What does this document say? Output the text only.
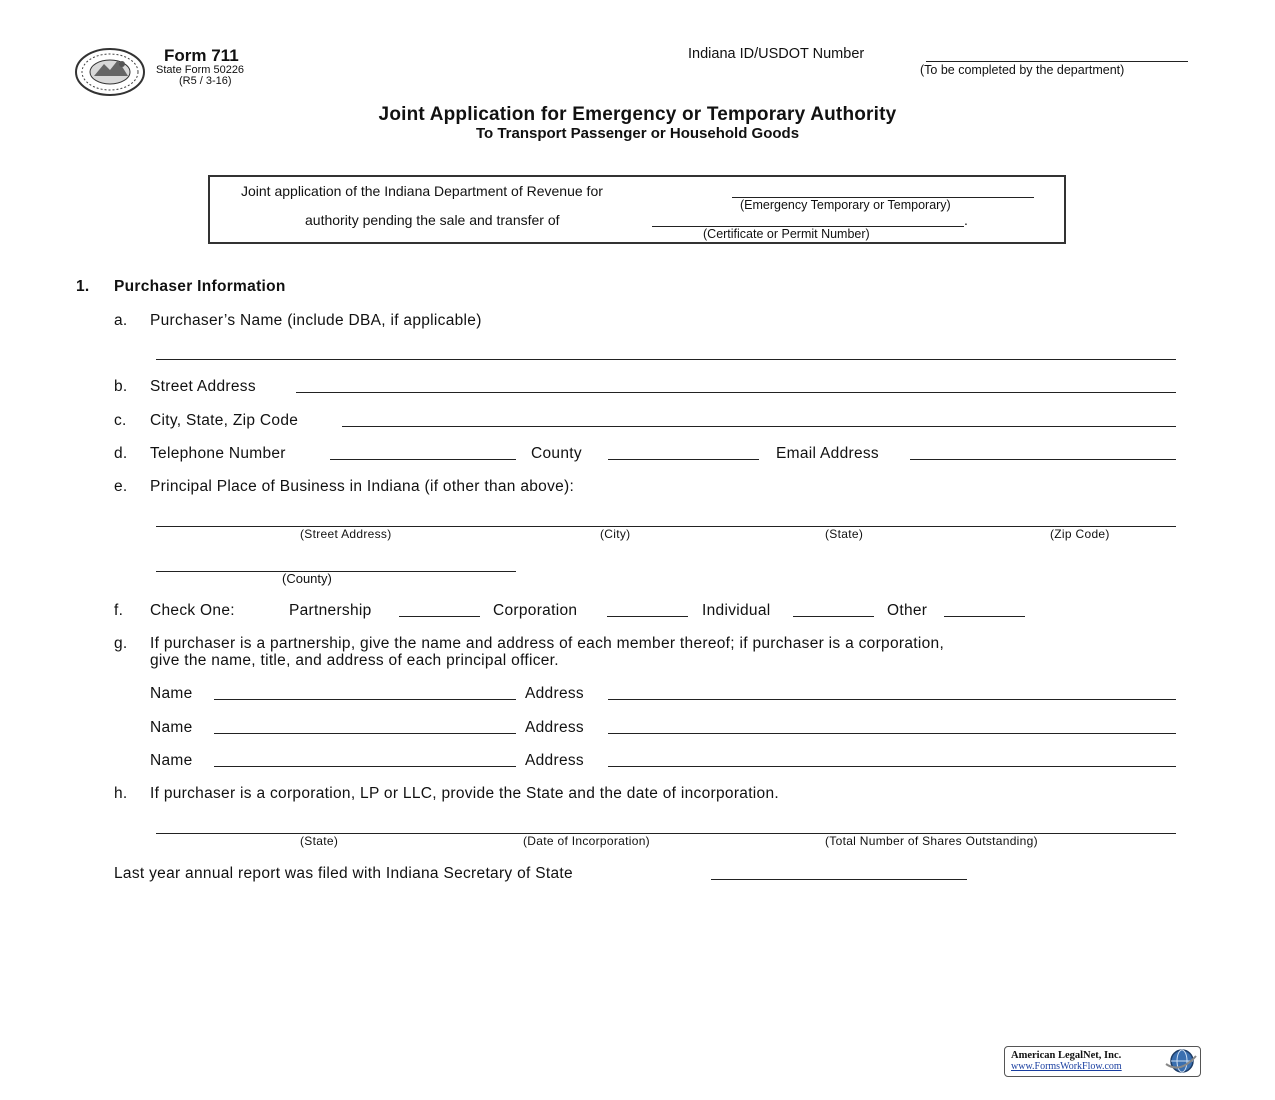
Form 711
State Form 50226
(R5 / 3-16)
Indiana ID/USDOT Number
(To be completed by the department)
Joint Application for Emergency or Temporary Authority
To Transport Passenger or Household Goods
Joint application of the Indiana Department of Revenue for
(Emergency Temporary or Temporary)
authority pending the sale and transfer of	.
(Certificate or Permit Number)
1. Purchaser Information
a. Purchaser’s Name (include DBA, if applicable)
b. Street Address
c. City, State, Zip Code
d. Telephone Number	County	Email Address
e. Principal Place of Business in Indiana (if other than above):
(Street Address)	(City)	(State)	(Zip Code)
(County)
f. Check One:	Partnership	Corporation	Individual	Other
g. If purchaser is a partnership, give the name and address of each member thereof; if purchaser is a corporation,
give the name, title, and address of each principal officer.
Name	Address
Name	Address
Name	Address
h. If purchaser is a corporation, LP or LLC, provide the State and the date of incorporation.
(State)	(Date of Incorporation)	(Total Number of Shares Outstanding)
Last year annual report was filed with Indiana Secretary of State
American LegalNet, Inc.
www.FormsWorkFlow.com
